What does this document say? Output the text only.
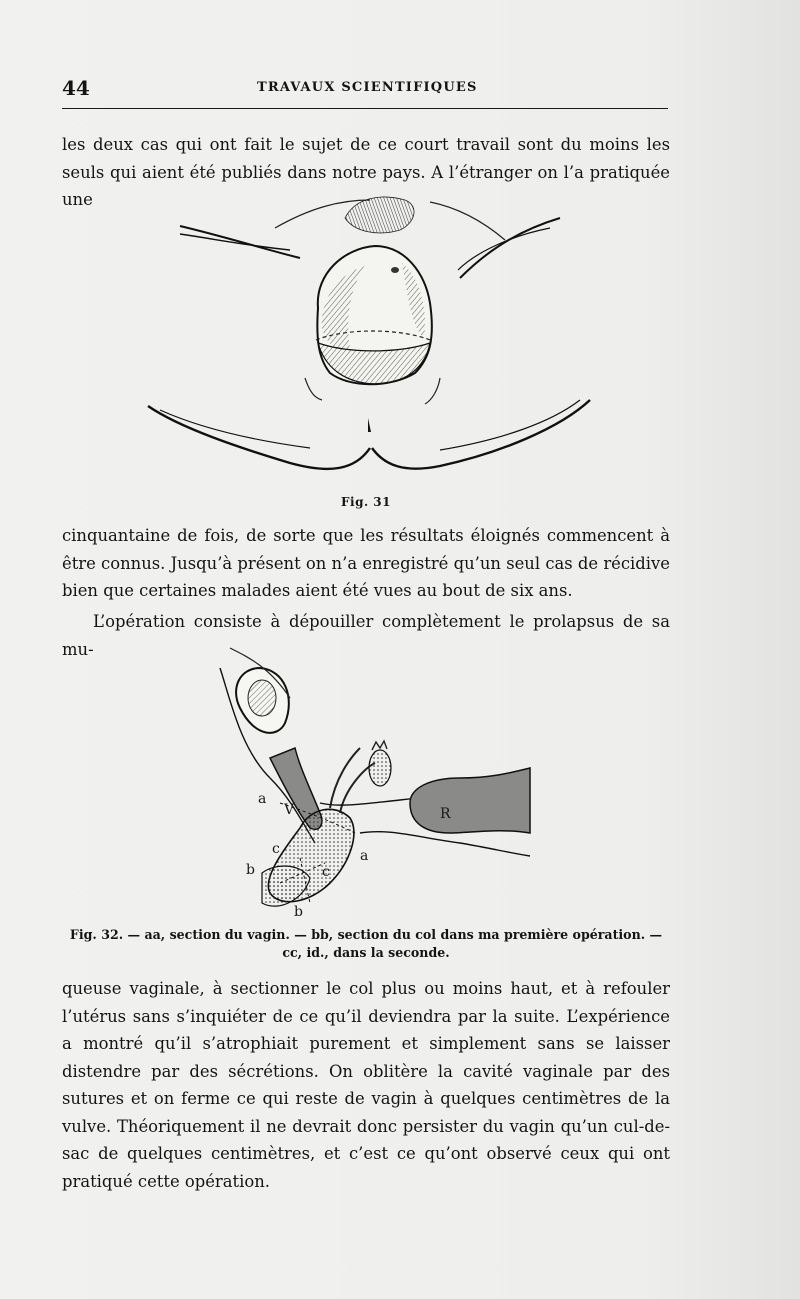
44	TRAVAUX SCIENTIFIQUES

les deux cas qui ont fait le sujet de ce court travail sont du moins les seuls qui aient été publiés dans notre pays. A l’étranger on l’a pratiquée une

Fig. 31

cinquantaine de fois, de sorte que les résultats éloignés commencent à être connus. Jusqu’à présent on n’a enregistré qu’un seul cas de récidive bien que certaines malades aient été vues au bout de six ans.

L’opération consiste à dépouiller complètement le prolapsus de sa mu-

V	R
a
a
b
b
c
c

Fig. 32. — aa, section du vagin. — bb, section du col dans ma première opération. — cc, id., dans la seconde.

queuse vaginale, à sectionner le col plus ou moins haut, et à refouler l’utérus sans s’inquiéter de ce qu’il deviendra par la suite. L’expérience a montré qu’il s’atrophiait purement et simplement sans se laisser distendre par des sécrétions. On oblitère la cavité vaginale par des sutures et on ferme ce qui reste de vagin à quelques centimètres de la vulve. Théoriquement il ne devrait donc persister du vagin qu’un cul-de-sac de quelques centimètres, et c’est ce qu’ont observé ceux qui ont pratiqué cette opération.
